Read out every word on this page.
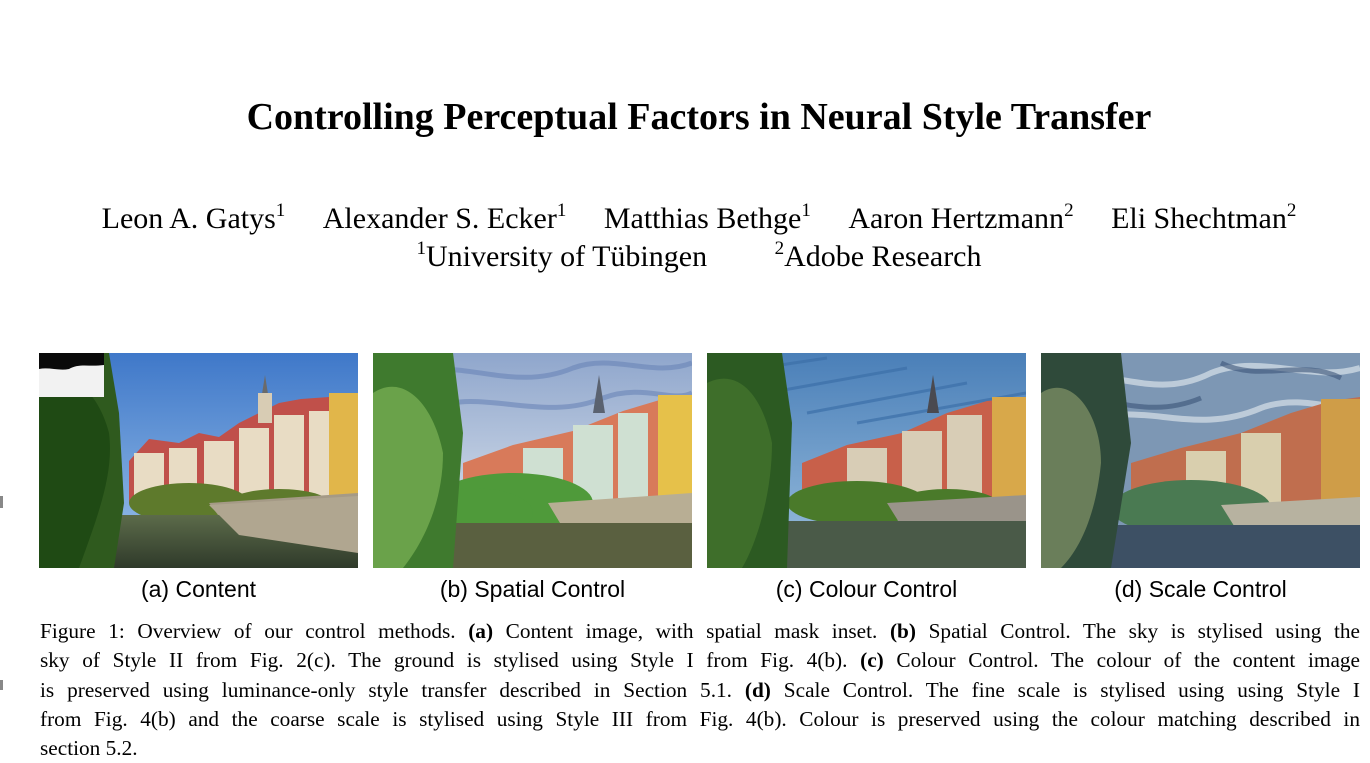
Controlling Perceptual Factors in Neural Style Transfer
Leon A. Gatys$^1$ Alexander S. Ecker$^1$ Matthias Bethge$^1$ Aaron Hertzmann$^2$ Eli Shechtman$^2$
$^1$University of Tübingen	$^2$Adobe Research
(a) Content	(b) Spatial Control	(c) Colour Control	(d) Scale Control
Figure 1: Overview of our control methods. (a) Content image, with spatial mask inset. (b) Spatial Control. The sky is stylised using the
sky of Style II from Fig. 2(c). The ground is stylised using Style I from Fig. 4(b). (c) Colour Control. The colour of the content image
is preserved using luminance-only style transfer described in Section 5.1. (d) Scale Control. The fine scale is stylised using using Style I
from Fig. 4(b) and the coarse scale is stylised using Style III from Fig. 4(b). Colour is preserved using the colour matching described in
section 5.2.
